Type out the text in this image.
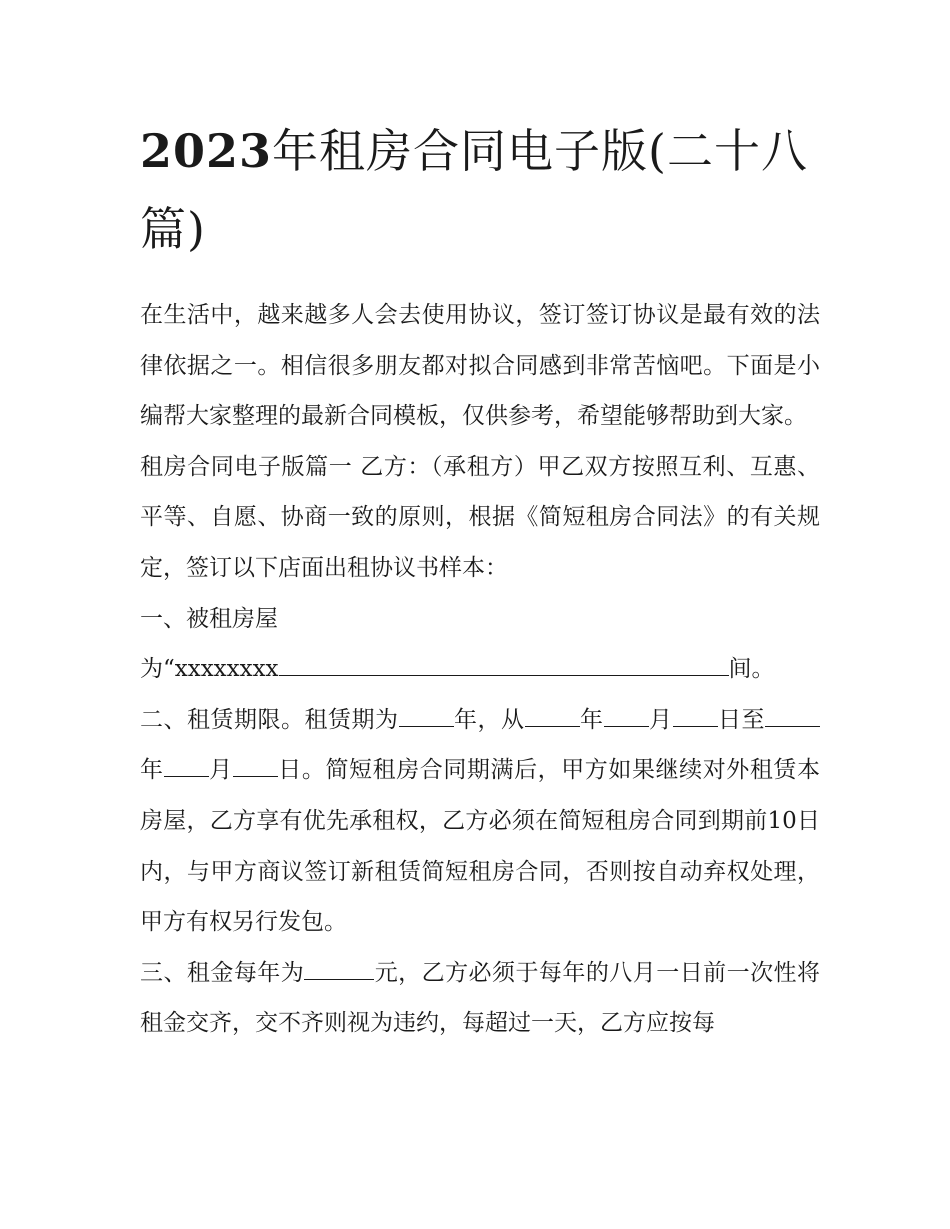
2023年租房合同电子版(二十八篇)

在生活中，越来越多人会去使用协议，签订签订协议是最有效的法律依据之一。相信很多朋友都对拟合同感到非常苦恼吧。下面是小编帮大家整理的最新合同模板，仅供参考，希望能够帮助到大家。

租房合同电子版篇一 乙方：（承租方）甲乙双方按照互利、互惠、平等、自愿、协商一致的原则，根据《简短租房合同法》的有关规定，签订以下店面出租协议书样本：

一、被租房屋

为“xxxxxxxx	间。

二、租赁期限。租赁期为 年，从 年 月 日至年 月 日。简短租房合同期满后，甲方如果继续对外租赁本房屋，乙方享有优先承租权，乙方必须在简短租房合同到期前10日内，与甲方商议签订新租赁简短租房合同，否则按自动弃权处理，甲方有权另行发包。

三、租金每年为	元，乙方必须于每年的八月一日前一次性将租金交齐，交不齐则视为违约，每超过一天，乙方应按每
